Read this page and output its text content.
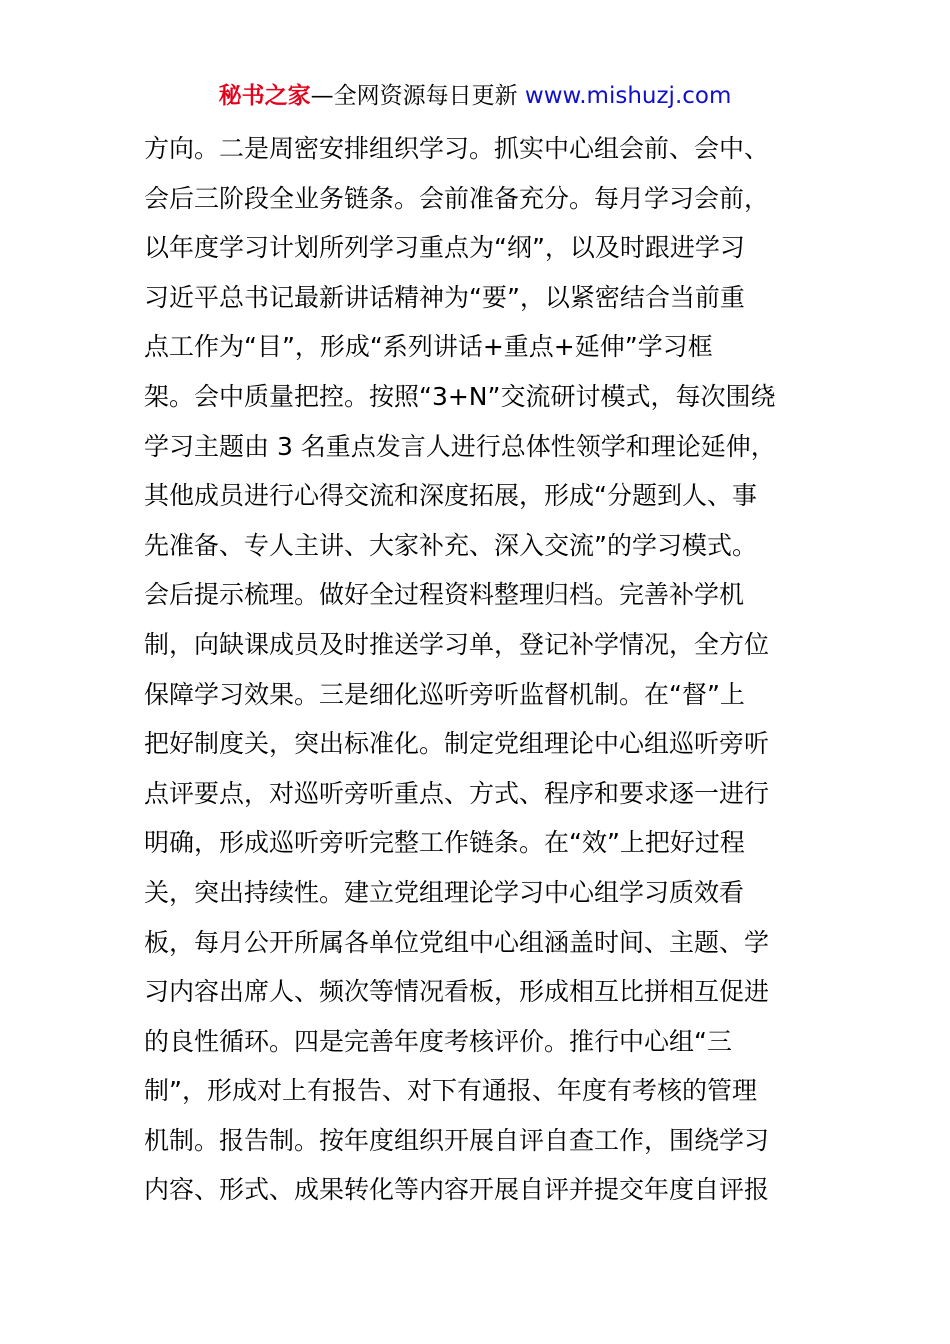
秘书之家—全网资源每日更新 www.mishuzj.com
方向。二是周密安排组织学习。抓实中心组会前、会中、
会后三阶段全业务链条。会前准备充分。每月学习会前，
以年度学习计划所列学习重点为“纲”，以及时跟进学习
习近平总书记最新讲话精神为“要”，以紧密结合当前重
点工作为“目”，形成“系列讲话+重点+延伸”学习框
架。会中质量把控。按照“3+N”交流研讨模式，每次围绕
学习主题由 3 名重点发言人进行总体性领学和理论延伸，
其他成员进行心得交流和深度拓展，形成“分题到人、事
先准备、专人主讲、大家补充、深入交流”的学习模式。
会后提示梳理。做好全过程资料整理归档。完善补学机
制，向缺课成员及时推送学习单，登记补学情况，全方位
保障学习效果。三是细化巡听旁听监督机制。在“督”上
把好制度关，突出标准化。制定党组理论中心组巡听旁听
点评要点，对巡听旁听重点、方式、程序和要求逐一进行
明确，形成巡听旁听完整工作链条。在“效”上把好过程
关，突出持续性。建立党组理论学习中心组学习质效看
板，每月公开所属各单位党组中心组涵盖时间、主题、学
习内容出席人、频次等情况看板，形成相互比拼相互促进
的良性循环。四是完善年度考核评价。推行中心组“三
制”，形成对上有报告、对下有通报、年度有考核的管理
机制。报告制。按年度组织开展自评自查工作，围绕学习
内容、形式、成果转化等内容开展自评并提交年度自评报
